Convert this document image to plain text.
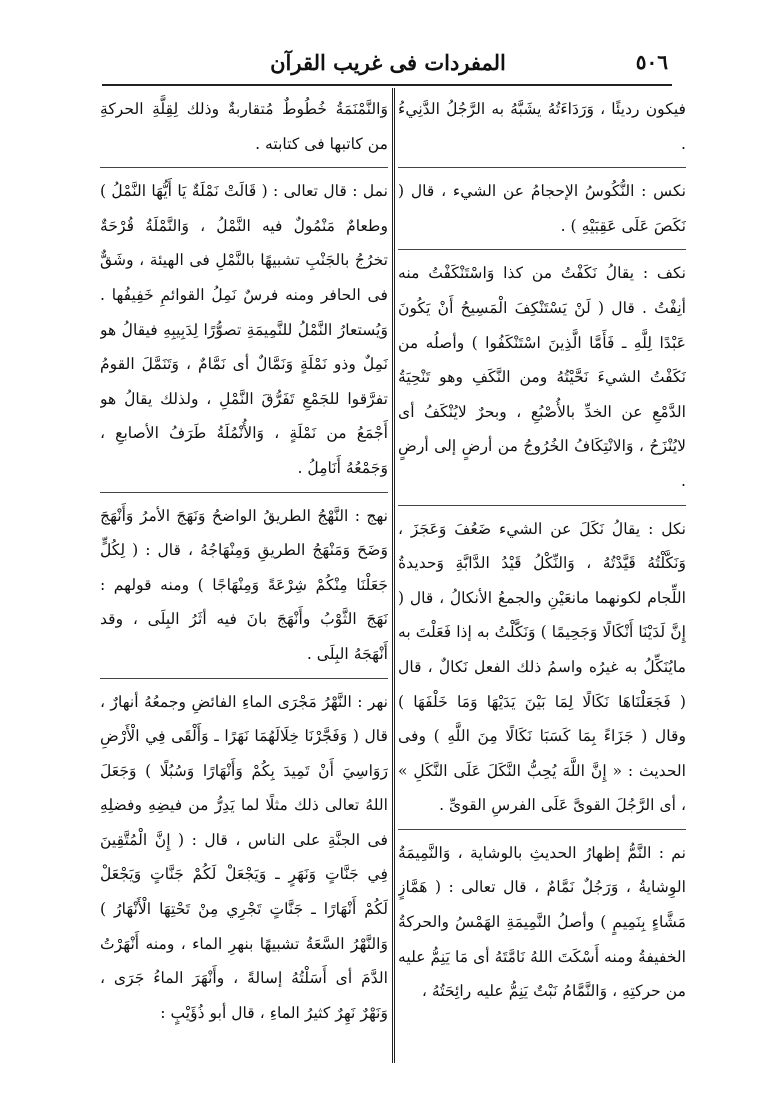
٥٠٦
المفردات فى غريب القرآن

فيكون رديئًا ، وَرَدَاءَتُهُ يشَبَّهُ به الرَّجُلُ الدَّنِيءُ .

نكس : النُّكُوسُ الإحجامُ عن الشيء ، قال ( نَكَصَ عَلَى عَقِبَيْهِ ) .

نكف : يقالُ نَكَفْتُ من كذا وَاسْتَنْكَفْتُ منه أنِفْتُ . قال ( لَنْ يَسْتَنْكِفَ الْمَسِيحُ أَنْ يَكُونَ عَبْدًا لِلَّهِ ـ فَأَمَّا الَّذِينَ اسْتَنْكَفُوا ) وأصلُه من نَكَفْتُ الشيءَ نَحَّيْتُهُ ومن النَّكَفِ وهو تَنْحِيَةُ الدَّمْعِ عن الخدِّ بالأُصْبُعِ ، وبحرٌ لايُنْكَفُ أى لايُنْزَحُ ، وَالانْتِكَافُ الخُرُوجُ من أرضٍ إلى أرضٍ .

نكل : يقالُ نَكَلَ عن الشيء ضَعُفَ وَعَجَزَ ، وَنَكَّلْتُهُ قَيَّدْتُهُ ، وَالنِّكْلُ قَيْدُ الدَّابَّةِ وَحديدةُ اللِّجام لكونهما مانعَيْنِ والجمعُ الأنكالُ ، قال ( إِنَّ لَدَيْنَا أَنْكَالًا وَجَحِيمًا ) وَنَكَّلْتُ به إذا فَعَلْتَ به مايُنَكِّلُ به غيرُه واسمُ ذلك الفعل نَكالٌ ، قال ( فَجَعَلْنَاهَا نَكَالًا لِمَا بَيْنَ يَدَيْهَا وَمَا خَلْفَهَا ) وقال ( جَزَاءً بِمَا كَسَبَا نَكَالًا مِنَ اللَّهِ ) وفى الحديث : « إِنَّ اللَّهَ يُحِبُّ النَّكَلَ عَلَى النَّكَلِ » ، أى الرَّجُلَ القوىَّ عَلَى الفرسِ القوىِّ .

نم : النَّمُّ إظهارُ الحديثِ بالوشاية ، وَالنَّمِيمَةُ الوِشايةُ ، وَرَجُلٌ نَمَّامٌ ، قال تعالى : ( هَمَّازٍ مَشَّاءٍ بِنَمِيمٍ ) وأصلُ النَّمِيمَةِ الهَمْسُ والحركةُ الخفيفةُ ومنه أَسْكَتَ اللهُ نَامَّتَهُ أى مَا يَنِمُّ عليه من حركتِهِ ، وَالنَّمَّامُ نَبْتٌ يَنِمُّ عليه رائِحَتُهُ ،

وَالنَّمْنَمَةُ خُطُوطٌ مُتقاربةٌ وذلك لِقِلَّةِ الحركةِ من كاتبها فى كتابته .

نمل : قال تعالى : ( قَالَتْ نَمْلَةٌ يَا أَيُّهَا النَّمْلُ ) وطعامٌ مَنْمُولٌ فيه النَّمْلُ ، وَالنَّمْلَةُ قُرْحَةٌ تخرُجُ بالجَنْبِ تشبيهًا بالنَّمْلِ فى الهيئة ، وشَقٌّ فى الحافر ومنه فرسٌ نَمِلُ القوائمِ خَفِيفُها . وَيُستعارُ النَّمْلُ للنَّمِيمَةِ تصوُّرًا لِدَبِيبِهِ فيقالُ هو نَمِلٌ وذو نَمْلَةٍ وَنَمَّالٌ أى نَمَّامٌ ، وَتَنَمَّلَ القومُ تفرَّقوا للجَمْعِ تَفَرُّقَ النَّمْلِ ، ولذلك يقالُ هو أَجْمَعُ من نَمْلَةٍ ، وَالأُنْمُلَةُ طَرَفُ الأصابعِ ، وَجَمْعُهُ أَنَامِلُ .

نهج : النَّهْجُ الطريقُ الواضحُ وَنَهَجَ الأمرُ وَأَنْهَجَ وَضَحَ وَمَنْهَجُ الطريقِ وَمِنْهَاجُهُ ، قال : ( لِكُلٍّ جَعَلْنَا مِنْكُمْ شِرْعَةً وَمِنْهَاجًا ) ومنه قولهم : نَهَجَ الثَّوْبُ وأَنْهَجَ بانَ فيه أثَرُ البِلَى ، وقد أَنْهَجَهُ البِلَى .

نهر : النَّهْرُ مَجْرَى الماءِ الفائضِ وجمعُهُ أنهارٌ ، قال ( وَفَجَّرْنَا خِلَالَهُمَا نَهَرًا ـ وَأَلْقَى فِي الْأَرْضِ رَوَاسِيَ أَنْ تَمِيدَ بِكُمْ وَأَنْهَارًا وَسُبُلًا ) وَجَعَلَ اللهُ تعالى ذلك مثلًا لما يَدِرُّ من فيضِهِ وفضلِهِ فى الجنَّةِ على الناس ، قال : ( إِنَّ الْمُتَّقِينَ فِي جَنَّاتٍ وَنَهَرٍ ـ وَيَجْعَلْ لَكُمْ جَنَّاتٍ وَيَجْعَلْ لَكُمْ أَنْهَارًا ـ جَنَّاتٍ تَجْرِي مِنْ تَحْتِهَا الْأَنْهَارُ ) وَالنَّهْرُ السَّعَةُ تشبيهًا بنهرِ الماء ، ومنه أَنْهَرْتُ الدَّمَ أى أَسَلْتُهُ إسالةً ، وأَنْهَرَ الماءُ جَرَى ، وَنَهْرٌ نَهِرٌ كثيرُ الماءِ ، قال أبو ذُؤَيْبٍ :
